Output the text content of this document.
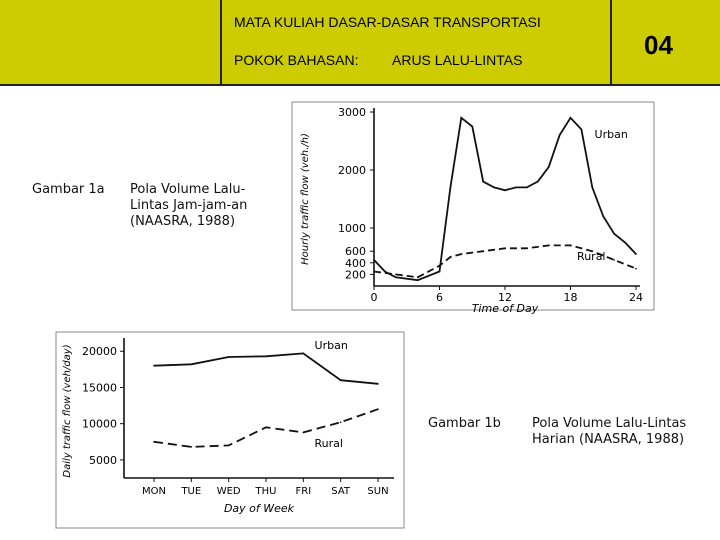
MATA KULIAH DASAR-DASAR TRANSPORTASI
POKOK BAHASAN: ARUS LALU-LINTAS	04
Gambar 1a Pola Volume Lalu-Lintas Jam-jam-an (NAASRA, 1988)
Gambar 1b Pola Volume Lalu-Lintas Harian (NAASRA, 1988)
200
400
600
1000
2000
3000
0	6	12	18	24
Time of Day
Hourly traffic flow (veh./h)	Urban
Rural
5000
10000
15000
20000
MON TUE WED THU FRI SAT SUN
Day of Week
Daily traffic flow (veh/day)	Urban
Rural
